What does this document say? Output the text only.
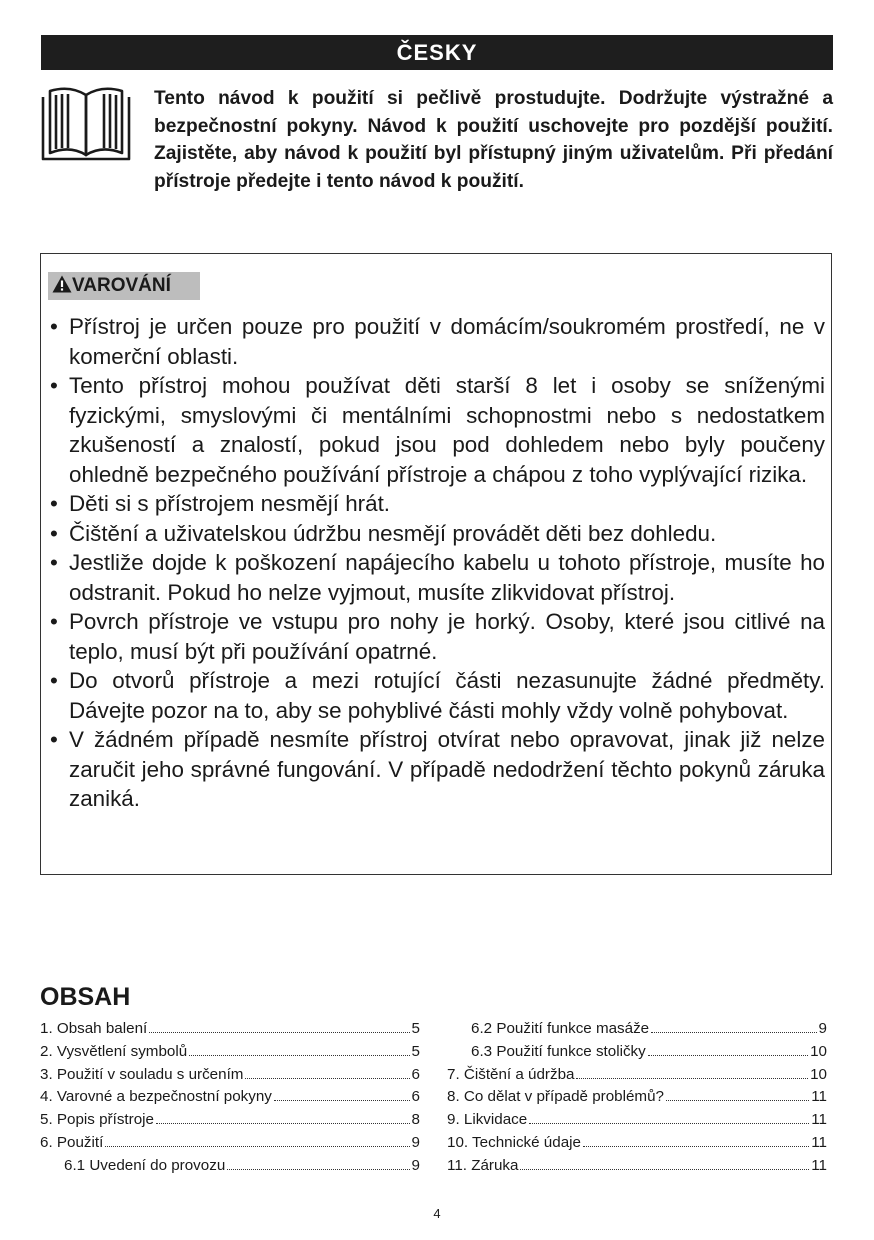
ČESKY

Tento návod k použití si pečlivě prostudujte. Dodržujte výstražné a bezpečnostní pokyny. Návod k použití uschovejte pro pozdější použití. Zajistěte, aby návod k použití byl přístupný jiným uživatelům. Při předání přístroje předejte i tento návod k použití.

VAROVÁNÍ
• Přístroj je určen pouze pro použití v domácím/soukromém prostředí, ne v komerční oblasti.
• Tento přístroj mohou používat děti starší 8 let i osoby se sníženými fyzickými, smyslovými či mentálními schopnostmi nebo s nedostatkem zkušeností a znalostí, pokud jsou pod dohledem nebo byly poučeny ohledně bezpečného používání přístroje a chápou z toho vyplývající rizika.
• Děti si s přístrojem nesmějí hrát.
• Čištění a uživatelskou údržbu nesmějí provádět děti bez dohledu.
• Jestliže dojde k poškození napájecího kabelu u tohoto přístroje, musíte ho odstranit. Pokud ho nelze vyjmout, musíte zlikvidovat přístroj.
• Povrch přístroje ve vstupu pro nohy je horký. Osoby, které jsou citlivé na teplo, musí být při používání opatrné.
• Do otvorů přístroje a mezi rotující části nezasunujte žádné předměty. Dávejte pozor na to, aby se pohyblivé části mohly vždy volně pohybovat.
• V žádném případě nesmíte přístroj otvírat nebo opravovat, jinak již nelze zaručit jeho správné fungování. V případě nedodržení těchto pokynů záruka zaniká.
OBSAH
1. Obsah balení	5
2. Vysvětlení symbolů	5
3. Použití v souladu s určením	6
4. Varovné a bezpečnostní pokyny	6
5. Popis přístroje	8
6. Použití	9
6.1 Uvedení do provozu	9
6.2 Použití funkce masáže	9
6.3 Použití funkce stoličky	10
7. Čištění a údržba	10
8. Co dělat v případě problémů?	11
9. Likvidace	11
10. Technické údaje	11
11. Záruka	11
4
